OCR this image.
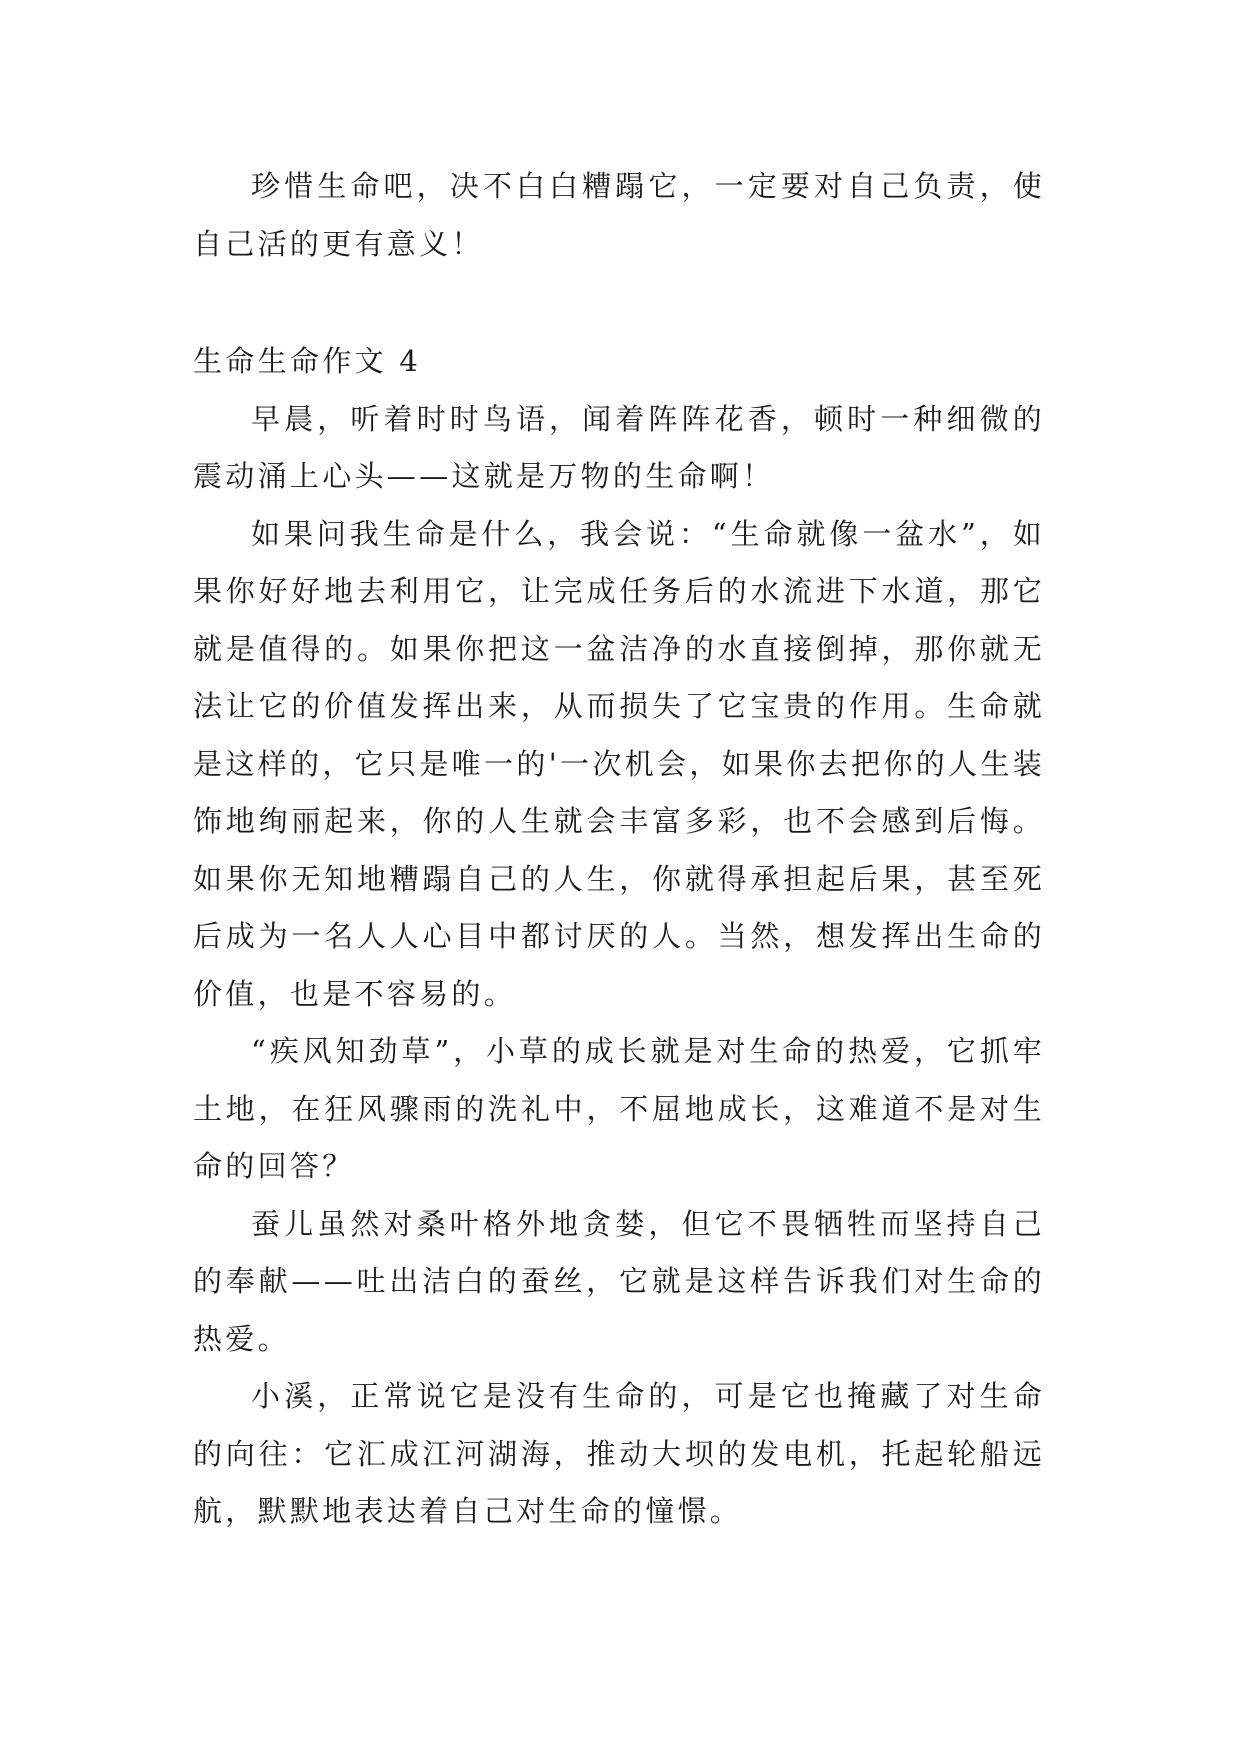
珍惜生命吧，决不白白糟蹋它，一定要对自己负责，使自己活的更有意义！

生命生命作文 4

早晨，听着时时鸟语，闻着阵阵花香，顿时一种细微的震动涌上心头——这就是万物的生命啊！

如果问我生命是什么，我会说：“生命就像一盆水”，如果你好好地去利用它，让完成任务后的水流进下水道，那它就是值得的。如果你把这一盆洁净的水直接倒掉，那你就无法让它的价值发挥出来，从而损失了它宝贵的作用。生命就是这样的，它只是唯一的'一次机会，如果你去把你的人生装饰地绚丽起来，你的人生就会丰富多彩，也不会感到后悔。如果你无知地糟蹋自己的人生，你就得承担起后果，甚至死后成为一名人人心目中都讨厌的人。当然，想发挥出生命的价值，也是不容易的。

“疾风知劲草”，小草的成长就是对生命的热爱，它抓牢土地，在狂风骤雨的洗礼中，不屈地成长，这难道不是对生命的回答？

蚕儿虽然对桑叶格外地贪婪，但它不畏牺牲而坚持自己的奉献——吐出洁白的蚕丝，它就是这样告诉我们对生命的热爱。

小溪，正常说它是没有生命的，可是它也掩藏了对生命的向往：它汇成江河湖海，推动大坝的发电机，托起轮船远航，默默地表达着自己对生命的憧憬。
